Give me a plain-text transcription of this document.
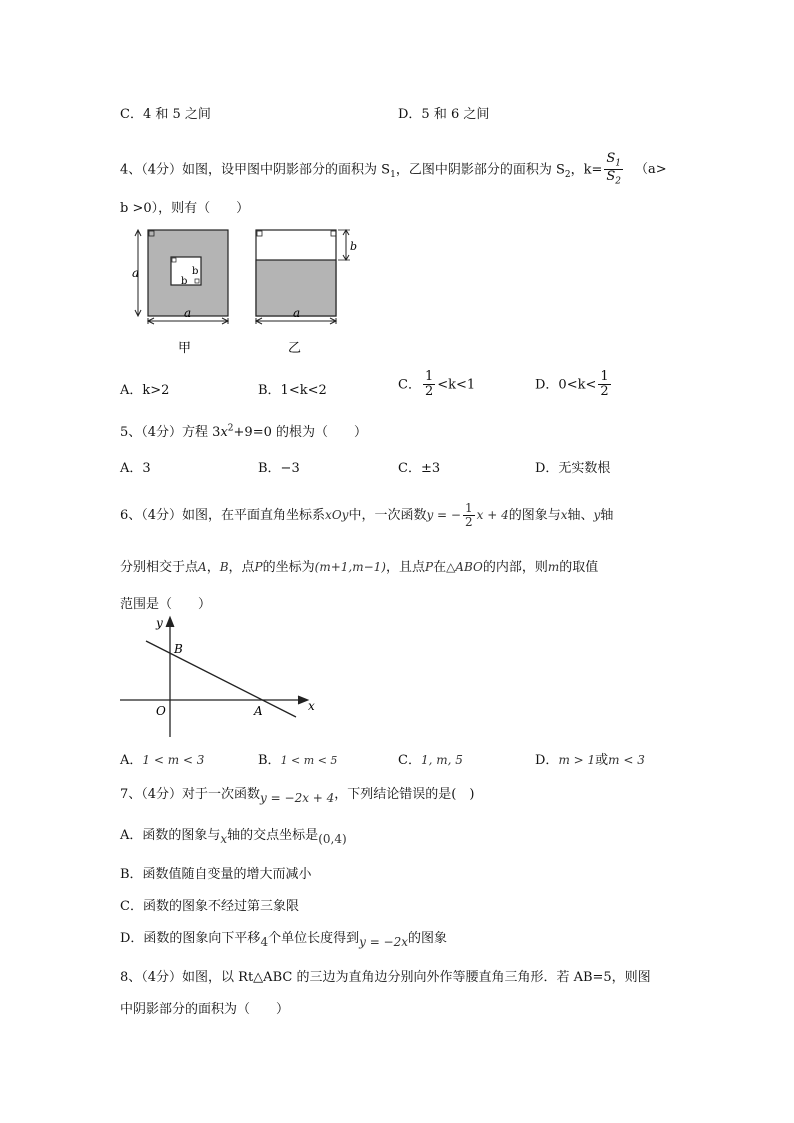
C．4 和 5 之间	D．5 和 6 之间
4、（4分）如图，设甲图中阴影部分的面积为 $S_1$，乙图中阴影部分的面积为 $S_2$，$k= \frac{S_1}{S_2} (a>$
b >0），则有（　　）
a
a
b
b
甲
b
a
乙
A．k>2	B．1<k<2	C． $\frac{1}{2} <k<1$	D．$0<k< \frac{1}{2}$
5、（4分）方程 $3x^2+9=0$ 的根为（　　）
A．3	B．−3	C．±3	D．无实数根
6、（4分）如图，在平面直角坐标系xOy中，一次函数y = − $\frac{1}{2}$ x + 4的图象与x轴、y轴
分别相交于点A，B，点P的坐标为(m+1,m−1)，且点P在△ABO的内部，则m的取值
范围是（　　）
y
x
B
O	A
A．1 < m < 3	B．1 < m < 5	C．1, m, 5	D．m > 1或m < 3
7、（4分）对于一次函数y = −2x + 4，下列结论错误的是(　)
A．函数的图象与x轴的交点坐标是(0,4)
B．函数值随自变量的增大而减小
C．函数的图象不经过第三象限
D．函数的图象向下平移4个单位长度得到y = −2x的图象
8、（4分）如图，以 Rt△ABC 的三边为直角边分别向外作等腰直角三角形．若 AB=5，则图
中阴影部分的面积为（　　）
